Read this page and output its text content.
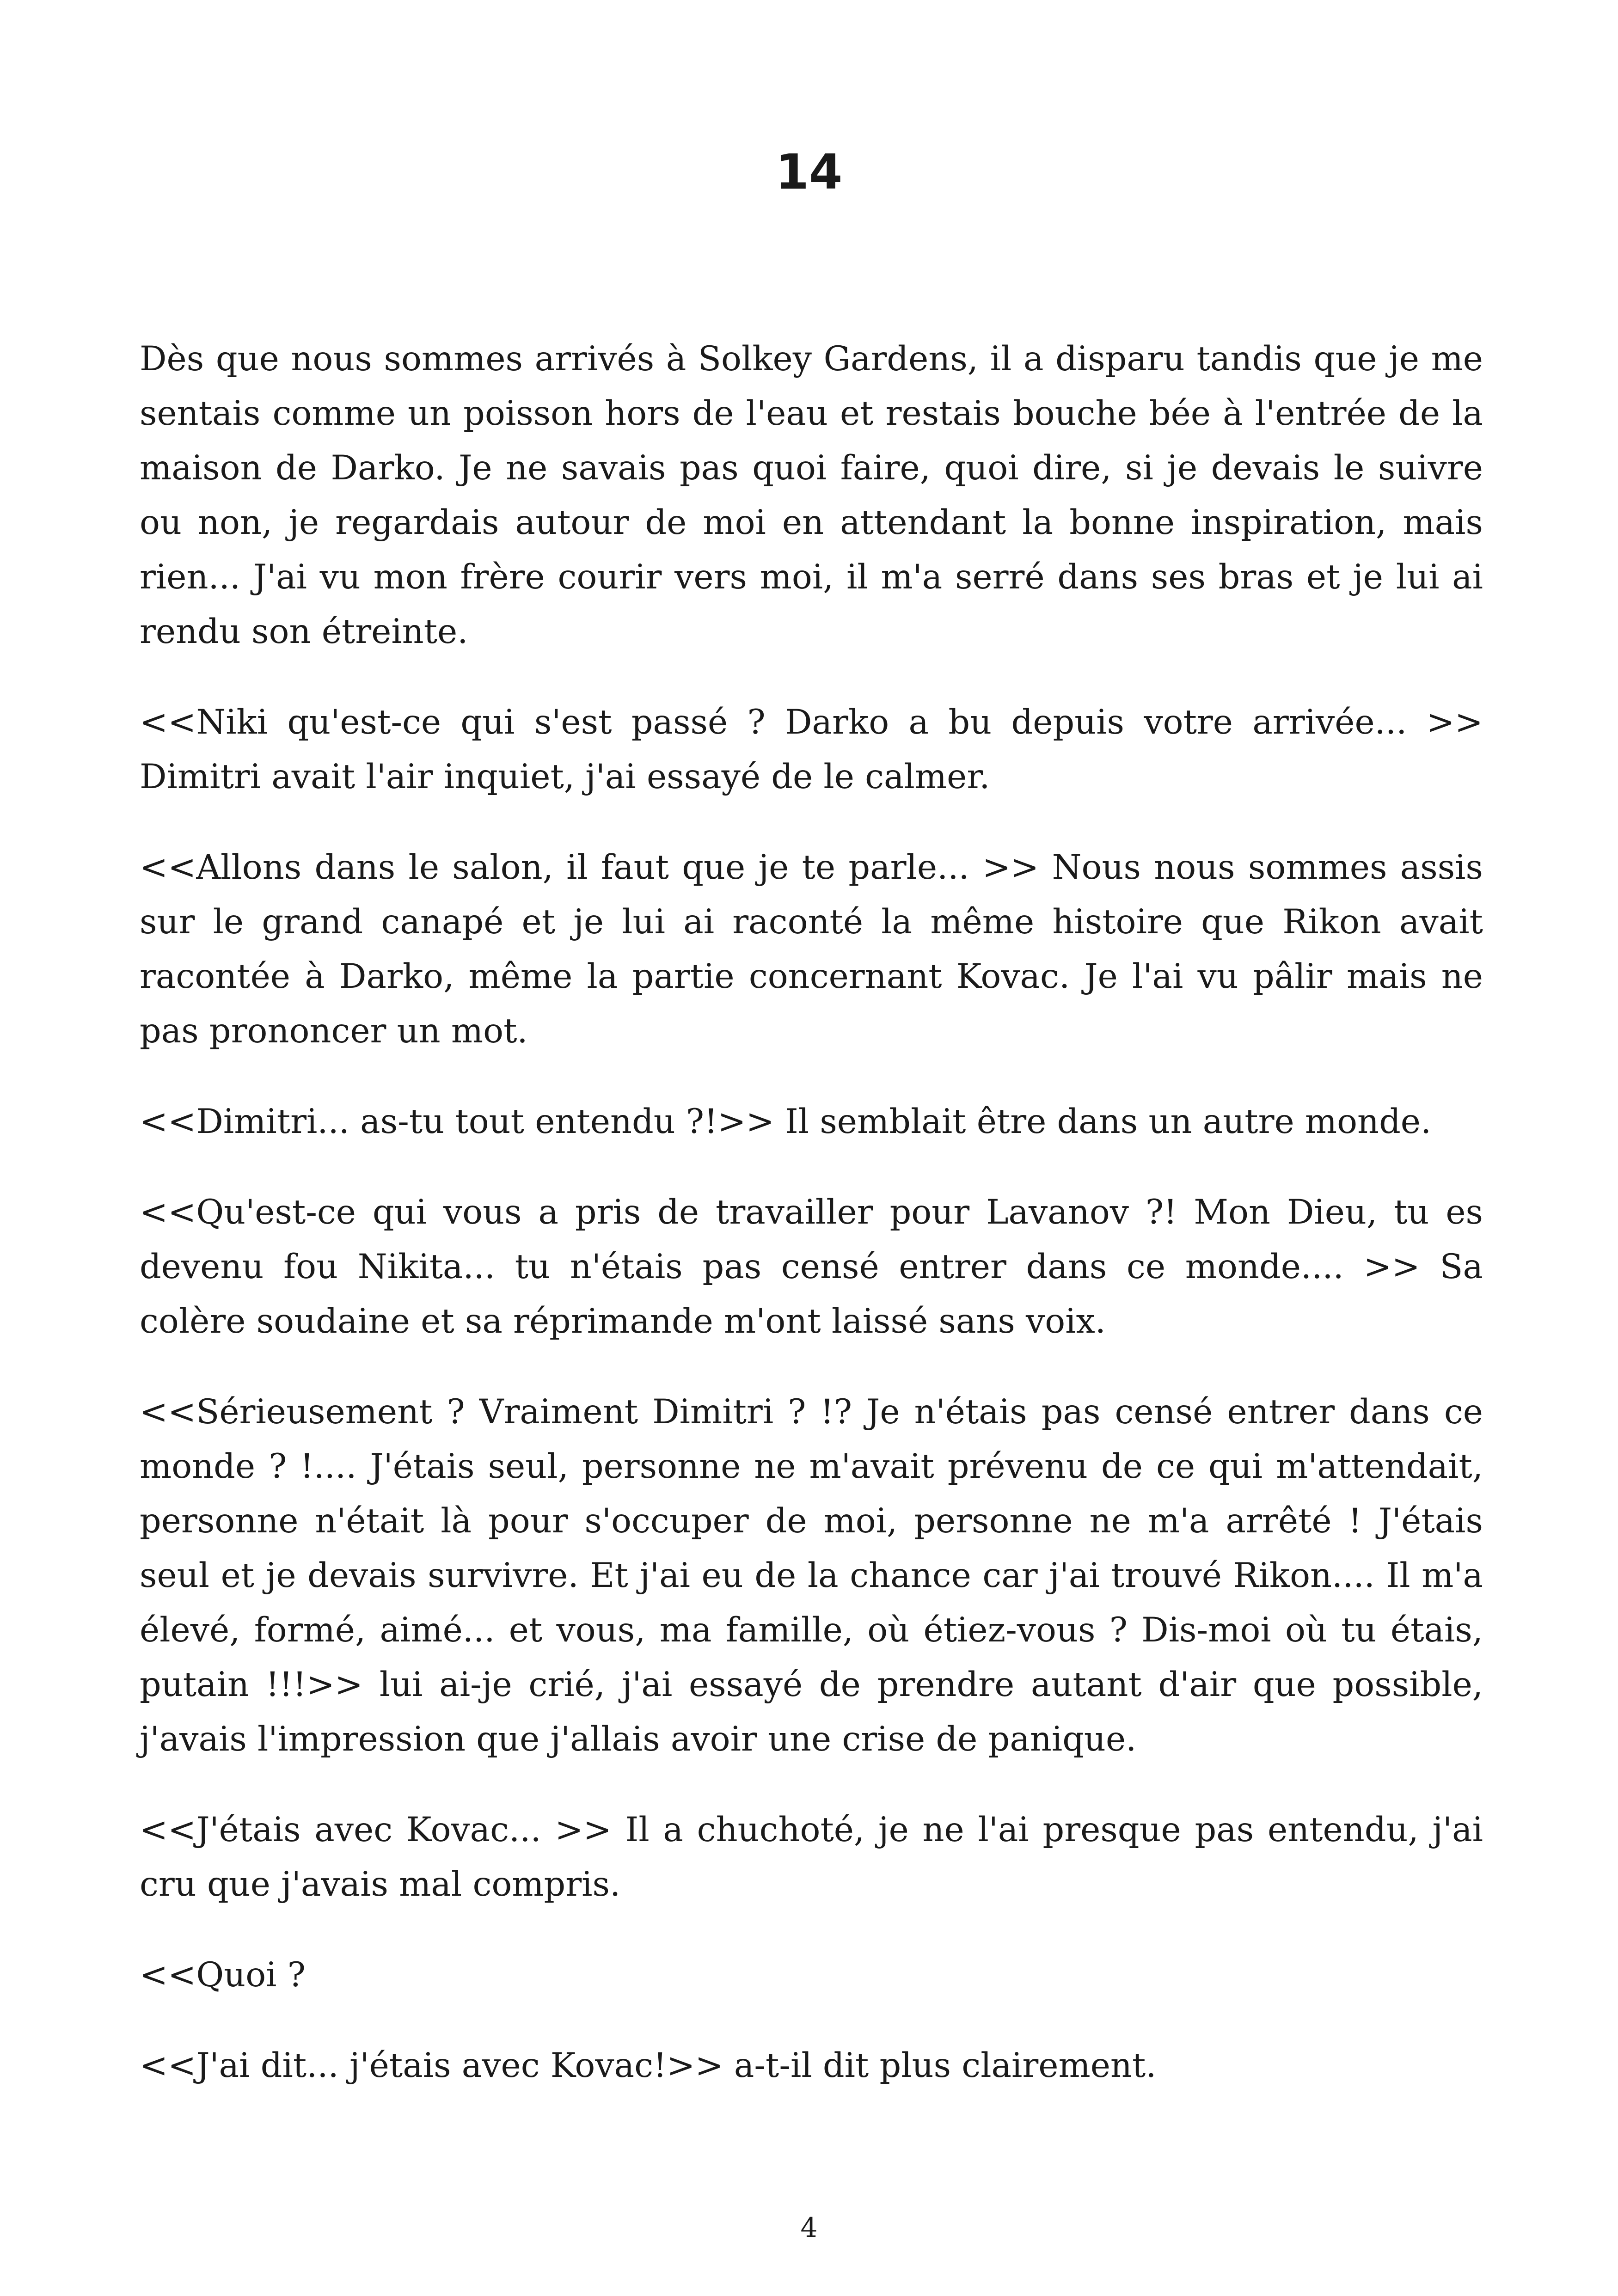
14

Dès que nous sommes arrivés à Solkey Gardens, il a disparu tandis que je me sentais comme un poisson hors de l'eau et restais bouche bée à l'entrée de la maison de Darko. Je ne savais pas quoi faire, quoi dire, si je devais le suivre ou non, je regardais autour de moi en attendant la bonne inspiration, mais rien... J'ai vu mon frère courir vers moi, il m'a serré dans ses bras et je lui ai rendu son étreinte.

<<Niki qu'est-ce qui s'est passé ? Darko a bu depuis votre arrivée... >> Dimitri avait l'air inquiet, j'ai essayé de le calmer.

<<Allons dans le salon, il faut que je te parle... >> Nous nous sommes assis sur le grand canapé et je lui ai raconté la même histoire que Rikon avait racontée à Darko, même la partie concernant Kovac. Je l'ai vu pâlir mais ne pas prononcer un mot.

<<Dimitri... as-tu tout entendu ?!>> Il semblait être dans un autre monde.

<<Qu'est-ce qui vous a pris de travailler pour Lavanov ?! Mon Dieu, tu es devenu fou Nikita... tu n'étais pas censé entrer dans ce monde.... >> Sa colère soudaine et sa réprimande m'ont laissé sans voix.

<<Sérieusement ? Vraiment Dimitri ? !? Je n'étais pas censé entrer dans ce monde ? !.... J'étais seul, personne ne m'avait prévenu de ce qui m'attendait, personne n'était là pour s'occuper de moi, personne ne m'a arrêté ! J'étais seul et je devais survivre. Et j'ai eu de la chance car j'ai trouvé Rikon.... Il m'a élevé, formé, aimé... et vous, ma famille, où étiez-vous ? Dis-moi où tu étais, putain !!!>> lui ai-je crié, j'ai essayé de prendre autant d'air que possible, j'avais l'impression que j'allais avoir une crise de panique.

<<J'étais avec Kovac... >> Il a chuchoté, je ne l'ai presque pas entendu, j'ai cru que j'avais mal compris.

<<Quoi ?

<<J'ai dit... j'étais avec Kovac!>> a-t-il dit plus clairement.

4
